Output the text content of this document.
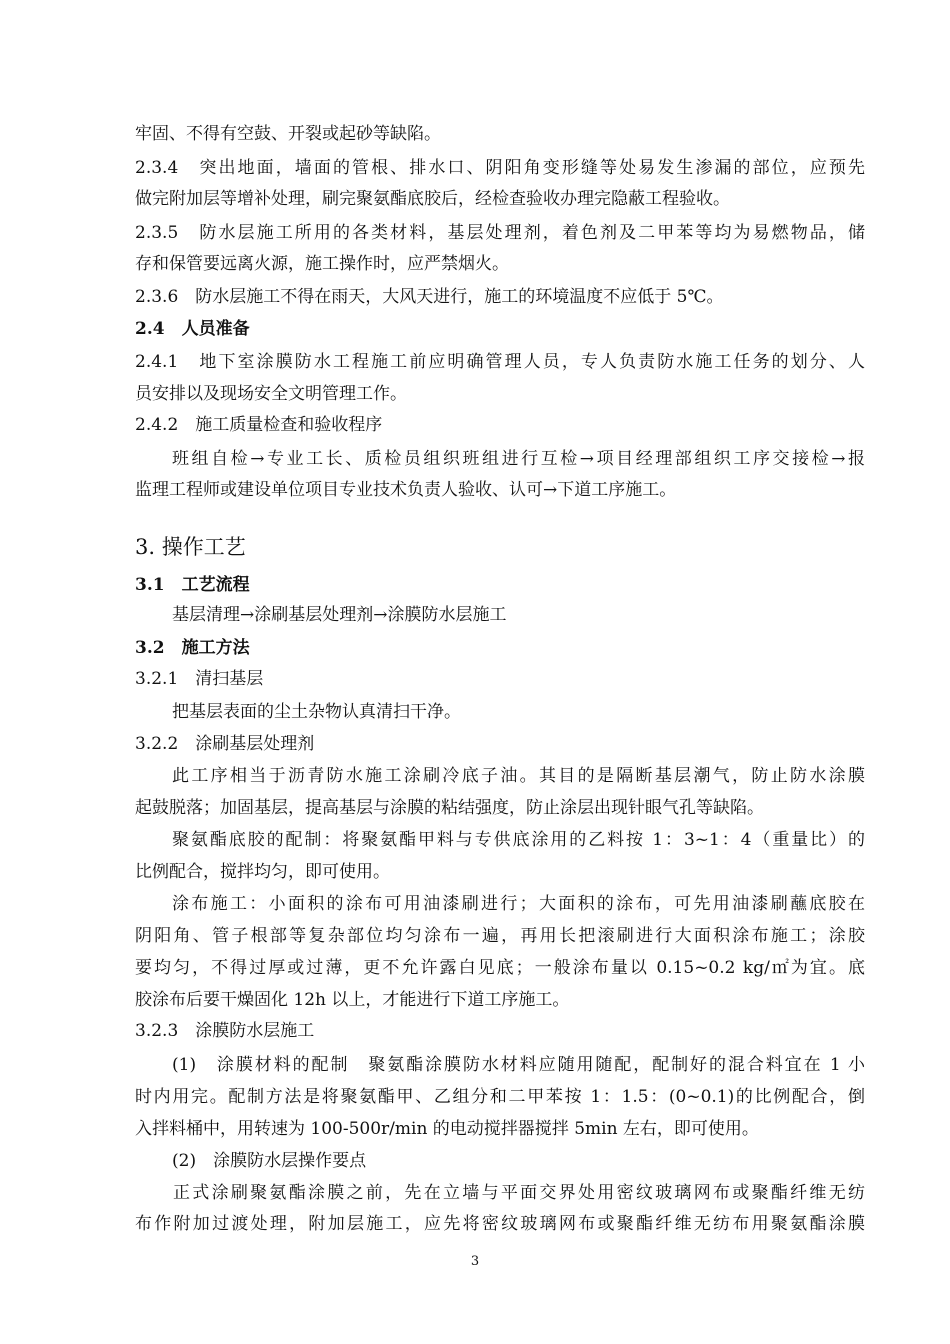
牢固、不得有空鼓、开裂或起砂等缺陷。
2.3.4　突出地面，墙面的管根、排水口、阴阳角变形缝等处易发生渗漏的部位，应预先
做完附加层等增补处理，刷完聚氨酯底胶后，经检查验收办理完隐蔽工程验收。
2.3.5　防水层施工所用的各类材料，基层处理剂，着色剂及二甲苯等均为易燃物品，储
存和保管要远离火源，施工操作时，应严禁烟火。
2.3.6　防水层施工不得在雨天，大风天进行，施工的环境温度不应低于 5℃。
2.4　人员准备
2.4.1　地下室涂膜防水工程施工前应明确管理人员，专人负责防水施工任务的划分、人
员安排以及现场安全文明管理工作。
2.4.2　施工质量检查和验收程序
班组自检→专业工长、质检员组织班组进行互检→项目经理部组织工序交接检→报
监理工程师或建设单位项目专业技术负责人验收、认可→下道工序施工。
3. 操作工艺
3.1　工艺流程
基层清理→涂刷基层处理剂→涂膜防水层施工
3.2　施工方法
3.2.1　清扫基层
把基层表面的尘土杂物认真清扫干净。
3.2.2　涂刷基层处理剂
此工序相当于沥青防水施工涂刷冷底子油。其目的是隔断基层潮气，防止防水涂膜
起鼓脱落；加固基层，提高基层与涂膜的粘结强度，防止涂层出现针眼气孔等缺陷。
聚氨酯底胶的配制：将聚氨酯甲料与专供底涂用的乙料按 1：3~1：4（重量比）的
比例配合，搅拌均匀，即可使用。
涂布施工：小面积的涂布可用油漆刷进行；大面积的涂布，可先用油漆刷蘸底胶在
阴阳角、管子根部等复杂部位均匀涂布一遍，再用长把滚刷进行大面积涂布施工；涂胶
要均匀，不得过厚或过薄，更不允许露白见底；一般涂布量以 0.15~0.2 kg/㎡为宜。底
胶涂布后要干燥固化 12h 以上，才能进行下道工序施工。
3.2.3　涂膜防水层施工
(1)　涂膜材料的配制　聚氨酯涂膜防水材料应随用随配，配制好的混合料宜在 1 小
时内用完。配制方法是将聚氨酯甲、乙组分和二甲苯按 1：1.5：(0~0.1)的比例配合，倒
入拌料桶中，用转速为 100-500r/min 的电动搅拌器搅拌 5min 左右，即可使用。
(2)　涂膜防水层操作要点
正式涂刷聚氨酯涂膜之前，先在立墙与平面交界处用密纹玻璃网布或聚酯纤维无纺
布作附加过渡处理，附加层施工，应先将密纹玻璃网布或聚酯纤维无纺布用聚氨酯涂膜
3
